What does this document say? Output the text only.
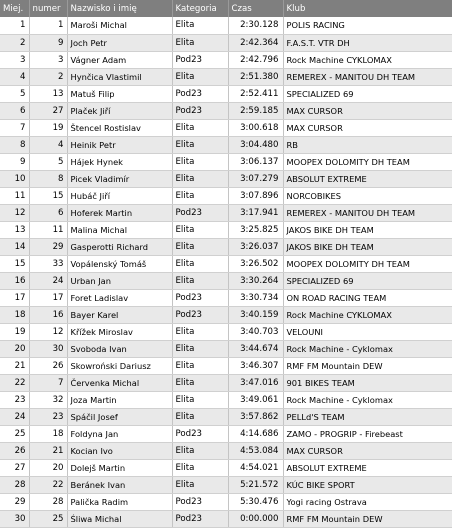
Miej.	numer	Nazwisko i imię	Kategoria	Czas	Klub
1	1	Maroši Michal	Elita	2:30.128	POLIS RACING
2	9	Joch Petr	Elita	2:42.364	F.A.S.T. VTR DH
3	3	Vágner Adam	Pod23	2:42.796	Rock Machine CYKLOMAX
4	2	Hynčica Vlastimil	Elita	2:51.380	REMEREX - MANITOU DH TEAM
5	13	Matuš Filip	Pod23	2:52.411	SPECIALIZED 69
6	27	Plaček Jiří	Pod23	2:59.185	MAX CURSOR
7	19	Štencel Rostislav	Elita	3:00.618	MAX CURSOR
8	4	Heinik Petr	Elita	3:04.480	RB
9	5	Hájek Hynek	Elita	3:06.137	MOOPEX DOLOMITY DH TEAM
10	8	Picek Vladimír	Elita	3:07.279	ABSOLUT EXTREME
11	15	Hubáč Jiří	Elita	3:07.896	NORCOBIKES
12	6	Hoferek Martin	Pod23	3:17.941	REMEREX - MANITOU DH TEAM
13	11	Malina Michal	Elita	3:25.825	JAKOS BIKE DH TEAM
14	29	Gasperotti Richard	Elita	3:26.037	JAKOS BIKE DH TEAM
15	33	Vopálenský Tomáš	Elita	3:26.502	MOOPEX DOLOMITY DH TEAM
16	24	Urban Jan	Elita	3:30.264	SPECIALIZED 69
17	17	Foret Ladislav	Pod23	3:30.734	ON ROAD RACING TEAM
18	16	Bayer Karel	Pod23	3:40.159	Rock Machine CYKLOMAX
19	12	Křížek Miroslav	Elita	3:40.703	VELOUNI
20	30	Svoboda Ivan	Elita	3:44.674	Rock Machine - Cyklomax
21	26	Skowroński Dariusz	Elita	3:46.307	RMF FM Mountain DEW
22	7	Červenka Michal	Elita	3:47.016	901 BIKES TEAM
23	32	Joza Martin	Elita	3:49.061	Rock Machine - Cyklomax
24	23	Spáčil Josef	Elita	3:57.862	PELLd'S TEAM
25	18	Foldyna Jan	Pod23	4:14.686	ZAMO - PROGRIP - Firebeast
26	21	Kocian Ivo	Elita	4:53.084	MAX CURSOR
27	20	Dolejš Martin	Elita	4:54.021	ABSOLUT EXTREME
28	22	Beránek Ivan	Elita	5:21.572	KÚC BIKE SPORT
29	28	Palička Radim	Pod23	5:30.476	Yogi racing Ostrava
30	25	Śliwa Michal	Pod23	0:00.000	RMF FM Mountain DEW
